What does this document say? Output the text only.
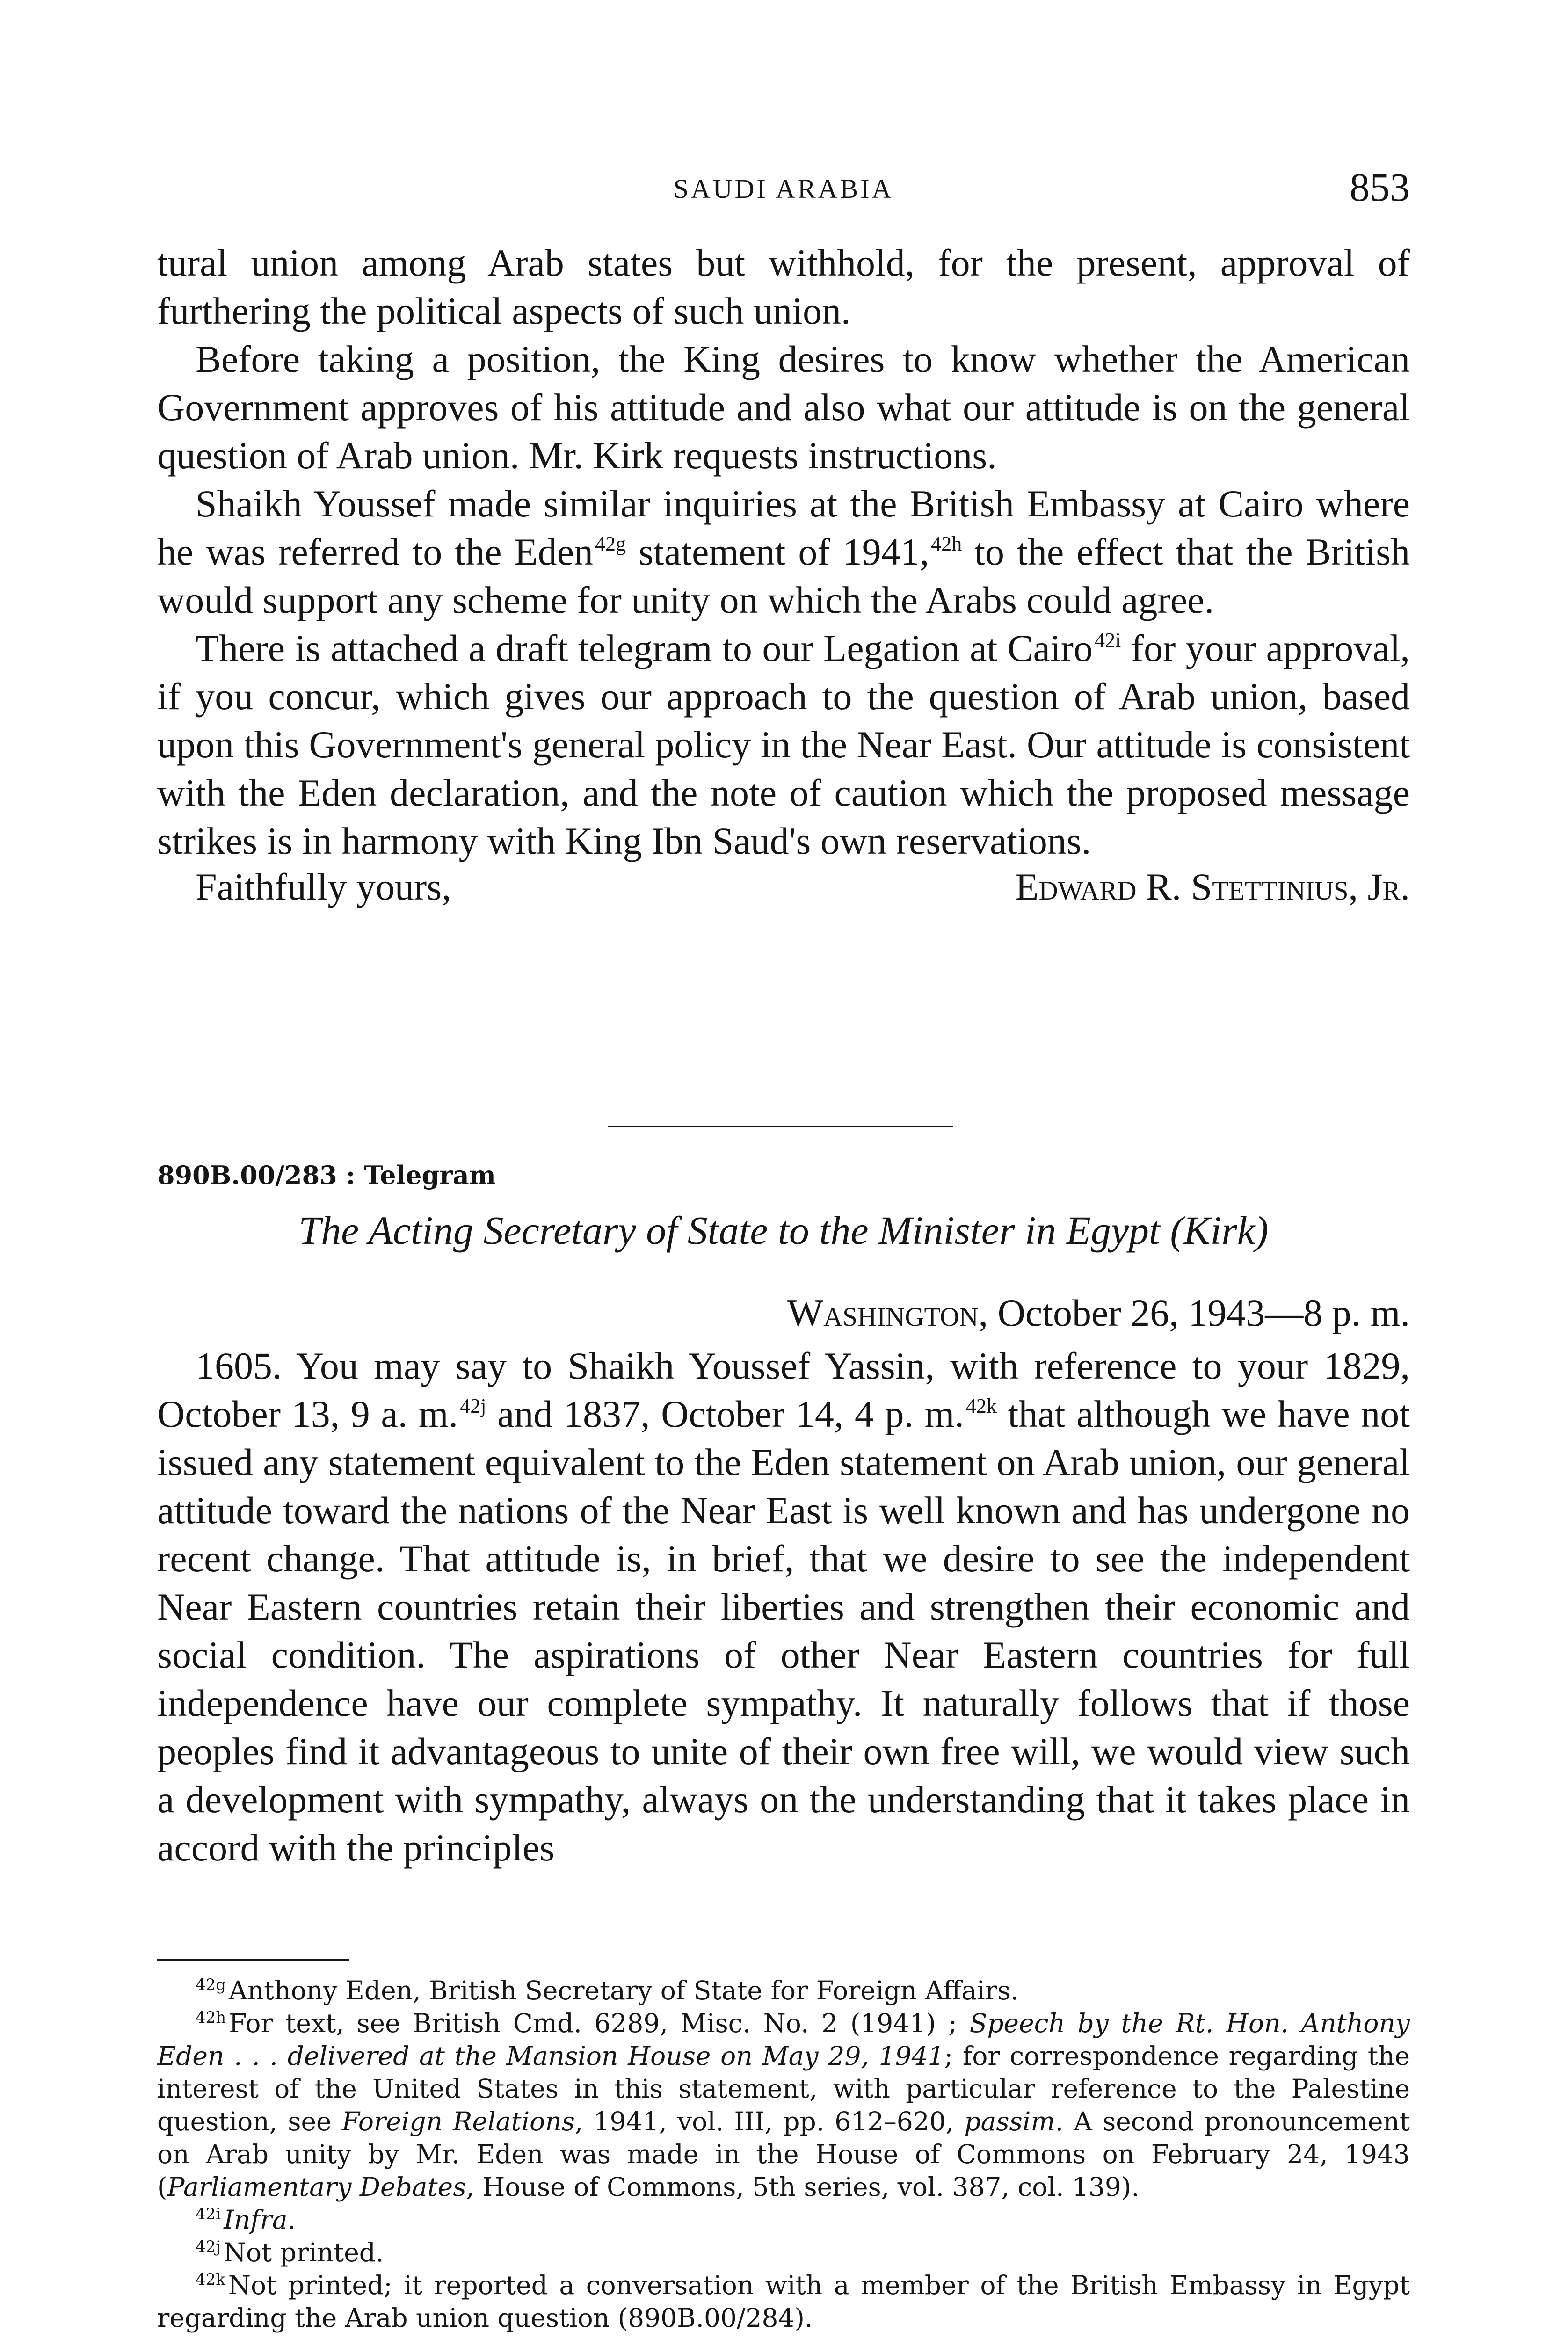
SAUDI ARABIA	853

tural union among Arab states but withhold, for the present, approval of furthering the political aspects of such union.

Before taking a position, the King desires to know whether the American Government approves of his attitude and also what our attitude is on the general question of Arab union. Mr. Kirk requests instructions.

Shaikh Youssef made similar inquiries at the British Embassy at Cairo where he was referred to the Eden$^{42g}$ statement of 1941,$^{42h}$ to the effect that the British would support any scheme for unity on which the Arabs could agree.

There is attached a draft telegram to our Legation at Cairo$^{42i}$ for your approval, if you concur, which gives our approach to the question of Arab union, based upon this Government's general policy in the Near East. Our attitude is consistent with the Eden declaration, and the note of caution which the proposed message strikes is in harmony with King Ibn Saud's own reservations.

Faithfully yours,	Edward R. Stettinius, Jr.
890B.00/283 : Telegram
The Acting Secretary of State to the Minister in Egypt (Kirk)
Washington, October 26, 1943—8 p. m.

1605. You may say to Shaikh Youssef Yassin, with reference to your 1829, October 13, 9 a. m.$^{42j}$ and 1837, October 14, 4 p. m.$^{42k}$ that although we have not issued any statement equivalent to the Eden statement on Arab union, our general attitude toward the nations of the Near East is well known and has undergone no recent change. That attitude is, in brief, that we desire to see the independent Near Eastern countries retain their liberties and strengthen their economic and social condition. The aspirations of other Near Eastern countries for full independence have our complete sympathy. It naturally follows that if those peoples find it advantageous to unite of their own free will, we would view such a development with sympathy, always on the understanding that it takes place in accord with the principles

$^{42g}$ Anthony Eden, British Secretary of State for Foreign Affairs.

$^{42h}$ For text, see British Cmd. 6289, Misc. No. 2 (1941) ; Speech by the Rt. Hon. Anthony Eden . . . delivered at the Mansion House on May 29, 1941; for correspondence regarding the interest of the United States in this statement, with particular reference to the Palestine question, see Foreign Relations, 1941, vol. III, pp. 612–620, passim. A second pronouncement on Arab unity by Mr. Eden was made in the House of Commons on February 24, 1943 (Parliamentary Debates, House of Commons, 5th series, vol. 387, col. 139).

$^{42i}$ Infra.

$^{42j}$ Not printed.

$^{42k}$ Not printed; it reported a conversation with a member of the British Embassy in Egypt regarding the Arab union question (890B.00/284).
